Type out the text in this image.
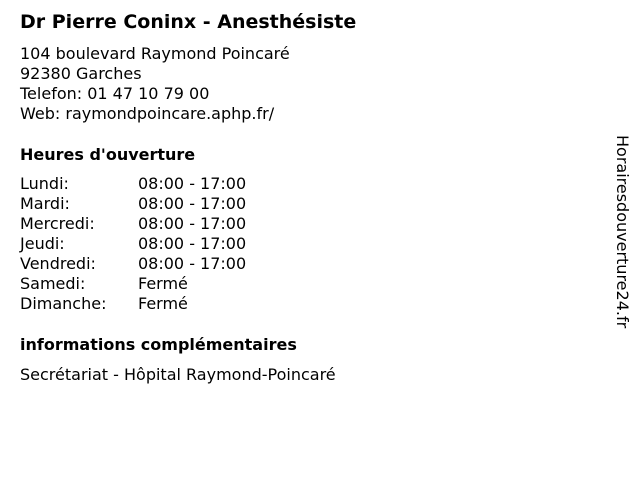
Dr Pierre Coninx - Anesthésiste
104 boulevard Raymond Poincaré
92380 Garches
Telefon: 01 47 10 79 00
Web: raymondpoincare.aphp.fr/
Heures d'ouverture
Lundi:	08:00 - 17:00
Mardi:	08:00 - 17:00
Mercredi:	08:00 - 17:00
Jeudi:	08:00 - 17:00
Vendredi:	08:00 - 17:00
Samedi:	Fermé
Dimanche: Fermé
informations complémentaires
Secrétariat - Hôpital Raymond-Poincaré
Horairesdouverture24.fr
